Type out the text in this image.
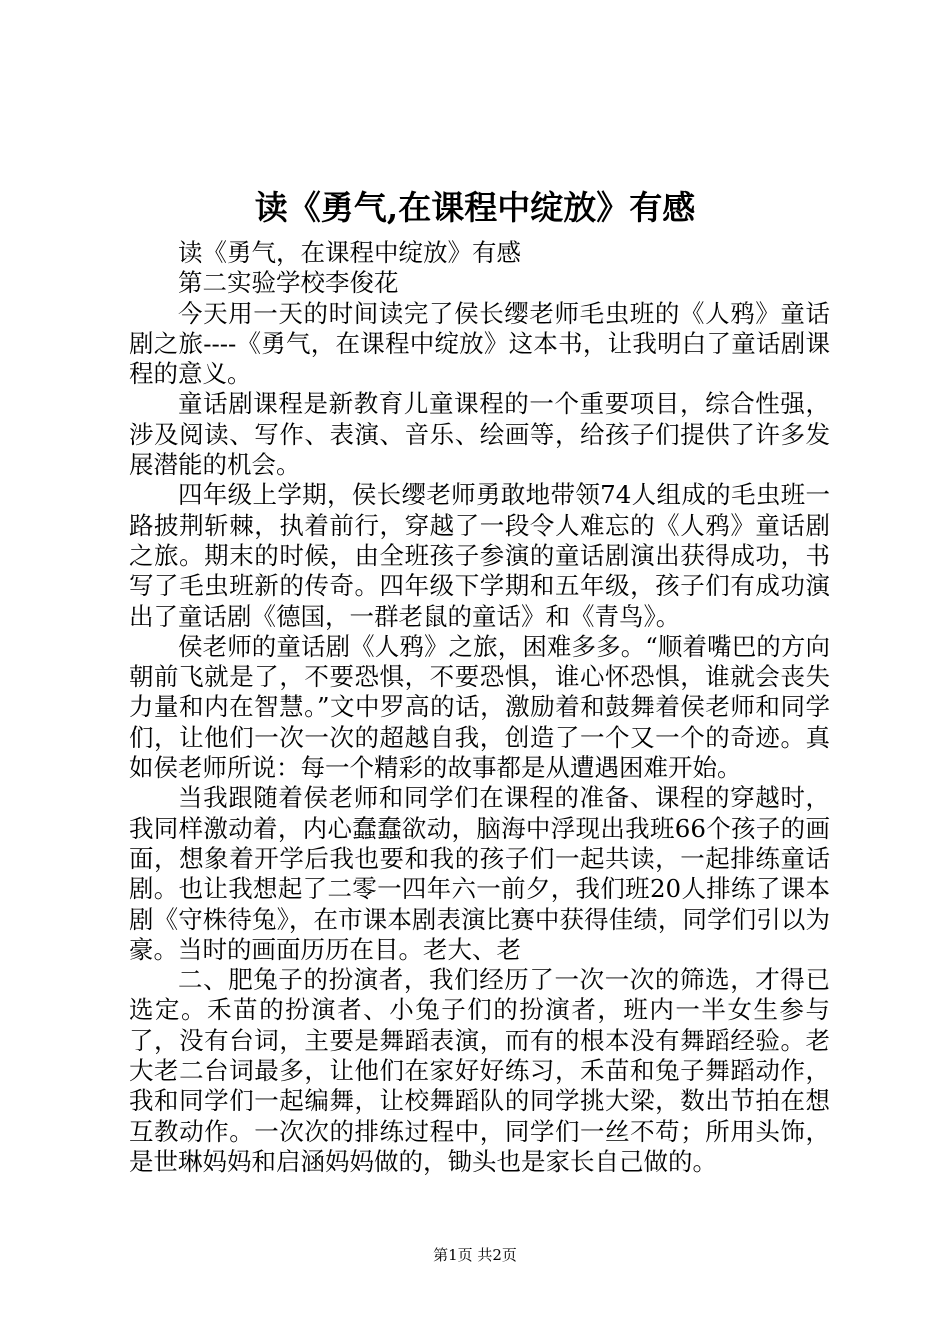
读《勇气,在课程中绽放》有感

读《勇气，在课程中绽放》有感

第二实验学校李俊花

今天用一天的时间读完了侯长缨老师毛虫班的《人鸦》童话剧之旅----《勇气，在课程中绽放》这本书，让我明白了童话剧课程的意义。

童话剧课程是新教育儿童课程的一个重要项目，综合性强，涉及阅读、写作、表演、音乐、绘画等，给孩子们提供了许多发展潜能的机会。

四年级上学期，侯长缨老师勇敢地带领74人组成的毛虫班一路披荆斩棘，执着前行，穿越了一段令人难忘的《人鸦》童话剧之旅。期末的时候，由全班孩子参演的童话剧演出获得成功，书写了毛虫班新的传奇。四年级下学期和五年级，孩子们有成功演出了童话剧《德国，一群老鼠的童话》和《青鸟》。

侯老师的童话剧《人鸦》之旅，困难多多。“顺着嘴巴的方向朝前飞就是了，不要恐惧，不要恐惧，谁心怀恐惧，谁就会丧失力量和内在智慧。”文中罗高的话，激励着和鼓舞着侯老师和同学们，让他们一次一次的超越自我，创造了一个又一个的奇迹。真如侯老师所说：每一个精彩的故事都是从遭遇困难开始。

当我跟随着侯老师和同学们在课程的准备、课程的穿越时，我同样激动着，内心蠢蠢欲动，脑海中浮现出我班66个孩子的画面，想象着开学后我也要和我的孩子们一起共读，一起排练童话剧。也让我想起了二零一四年六一前夕，我们班20人排练了课本剧《守株待兔》，在市课本剧表演比赛中获得佳绩，同学们引以为豪。当时的画面历历在目。老大、老

二、肥兔子的扮演者，我们经历了一次一次的筛选，才得已选定。禾苗的扮演者、小兔子们的扮演者，班内一半女生参与了，没有台词，主要是舞蹈表演，而有的根本没有舞蹈经验。老大老二台词最多，让他们在家好好练习，禾苗和兔子舞蹈动作，我和同学们一起编舞，让校舞蹈队的同学挑大梁，数出节拍在想互教动作。一次次的排练过程中，同学们一丝不苟；所用头饰，是世琳妈妈和启涵妈妈做的，锄头也是家长自己做的。

第1页 共2页
